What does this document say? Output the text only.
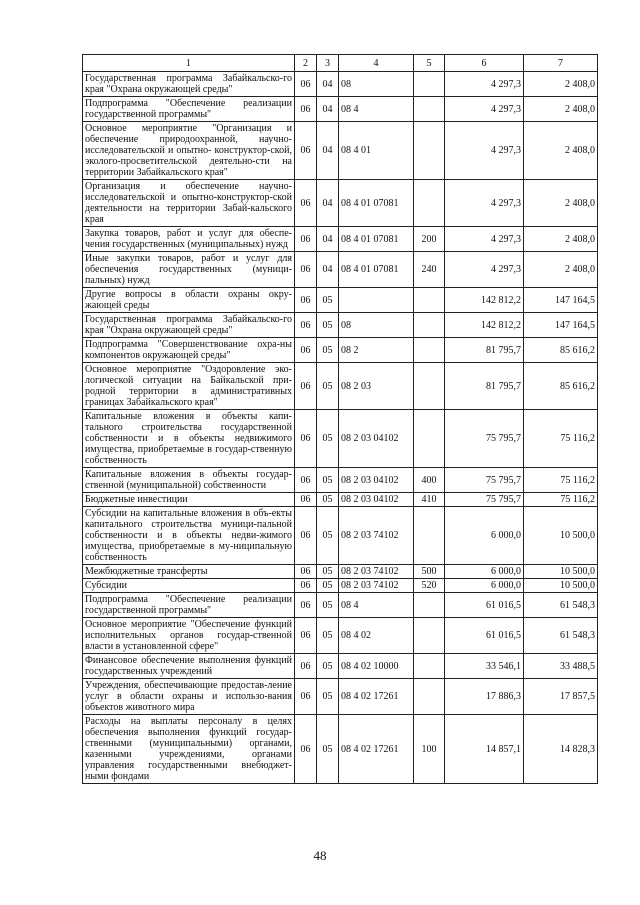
1	2	3	4	5	6	7
Государственная программа Забайкальско-го края "Охрана окружающей среды"	06	04	08		4 297,3	2 408,0
Подпрограмма "Обеспечение реализации государственной программы"	06	04	08 4		4 297,3	2 408,0
Основное мероприятие "Организация и обеспечение природоохранной, научно-исследовательской и опытно- конструктор-ской, эколого-просветительской деятельно-сти на территории Забайкальского края"	06	04	08 4 01		4 297,3	2 408,0
Организация и обеспечение научно-исследовательской и опытно-конструктор-ской деятельности на территории Забай-кальского края	06	04	08 4 01 07081		4 297,3	2 408,0
Закупка товаров, работ и услуг для обеспе-чения государственных (муниципальных) нужд	06	04	08 4 01 07081	200	4 297,3	2 408,0
Иные закупки товаров, работ и услуг для обеспечения государственных (муници-пальных) нужд	06	04	08 4 01 07081	240	4 297,3	2 408,0
Другие вопросы в области охраны окру-жающей среды	06	05			142 812,2	147 164,5
Государственная программа Забайкальско-го края "Охрана окружающей среды"	06	05	08		142 812,2	147 164,5
Подпрограмма "Совершенствование охра-ны компонентов окружающей среды"	06	05	08 2		81 795,7	85 616,2
Основное мероприятие "Оздоровление эко-логической ситуации на Байкальской при-родной территории в административных границах Забайкальского края"	06	05	08 2 03		81 795,7	85 616,2
Капитальные вложения в объекты капи-тального строительства государственной собственности и в объекты недвижимого имущества, приобретаемые в государ-ственную собственность	06	05	08 2 03 04102		75 795,7	75 116,2
Капитальные вложения в объекты государ-ственной (муниципальной) собственности	06	05	08 2 03 04102	400	75 795,7	75 116,2
Бюджетные инвестиции	06	05	08 2 03 04102	410	75 795,7	75 116,2
Субсидии на капитальные вложения в объ-екты капитального строительства муници-пальной собственности и в объекты недви-жимого имущества, приобретаемые в му-ниципальную собственность	06	05	08 2 03 74102		6 000,0	10 500,0
Межбюджетные трансферты	06	05	08 2 03 74102	500	6 000,0	10 500,0
Субсидии	06	05	08 2 03 74102	520	6 000,0	10 500,0
Подпрограмма "Обеспечение реализации государственной программы"	06	05	08 4		61 016,5	61 548,3
Основное мероприятие "Обеспечение функций исполнительных органов государ-ственной власти в установленной сфере"	06	05	08 4 02		61 016,5	61 548,3
Финансовое обеспечение выполнения функций государственных учреждений	06	05	08 4 02 10000		33 546,1	33 488,5
Учреждения, обеспечивающие предостав-ление услуг в области охраны и использо-вания объектов животного мира	06	05	08 4 02 17261		17 886,3	17 857,5
Расходы на выплаты персоналу в целях обеспечения выполнения функций государ-ственными (муниципальными) органами, казенными учреждениями, органами управления государственными внебюджет-ными фондами	06	05	08 4 02 17261	100	14 857,1	14 828,3
48
